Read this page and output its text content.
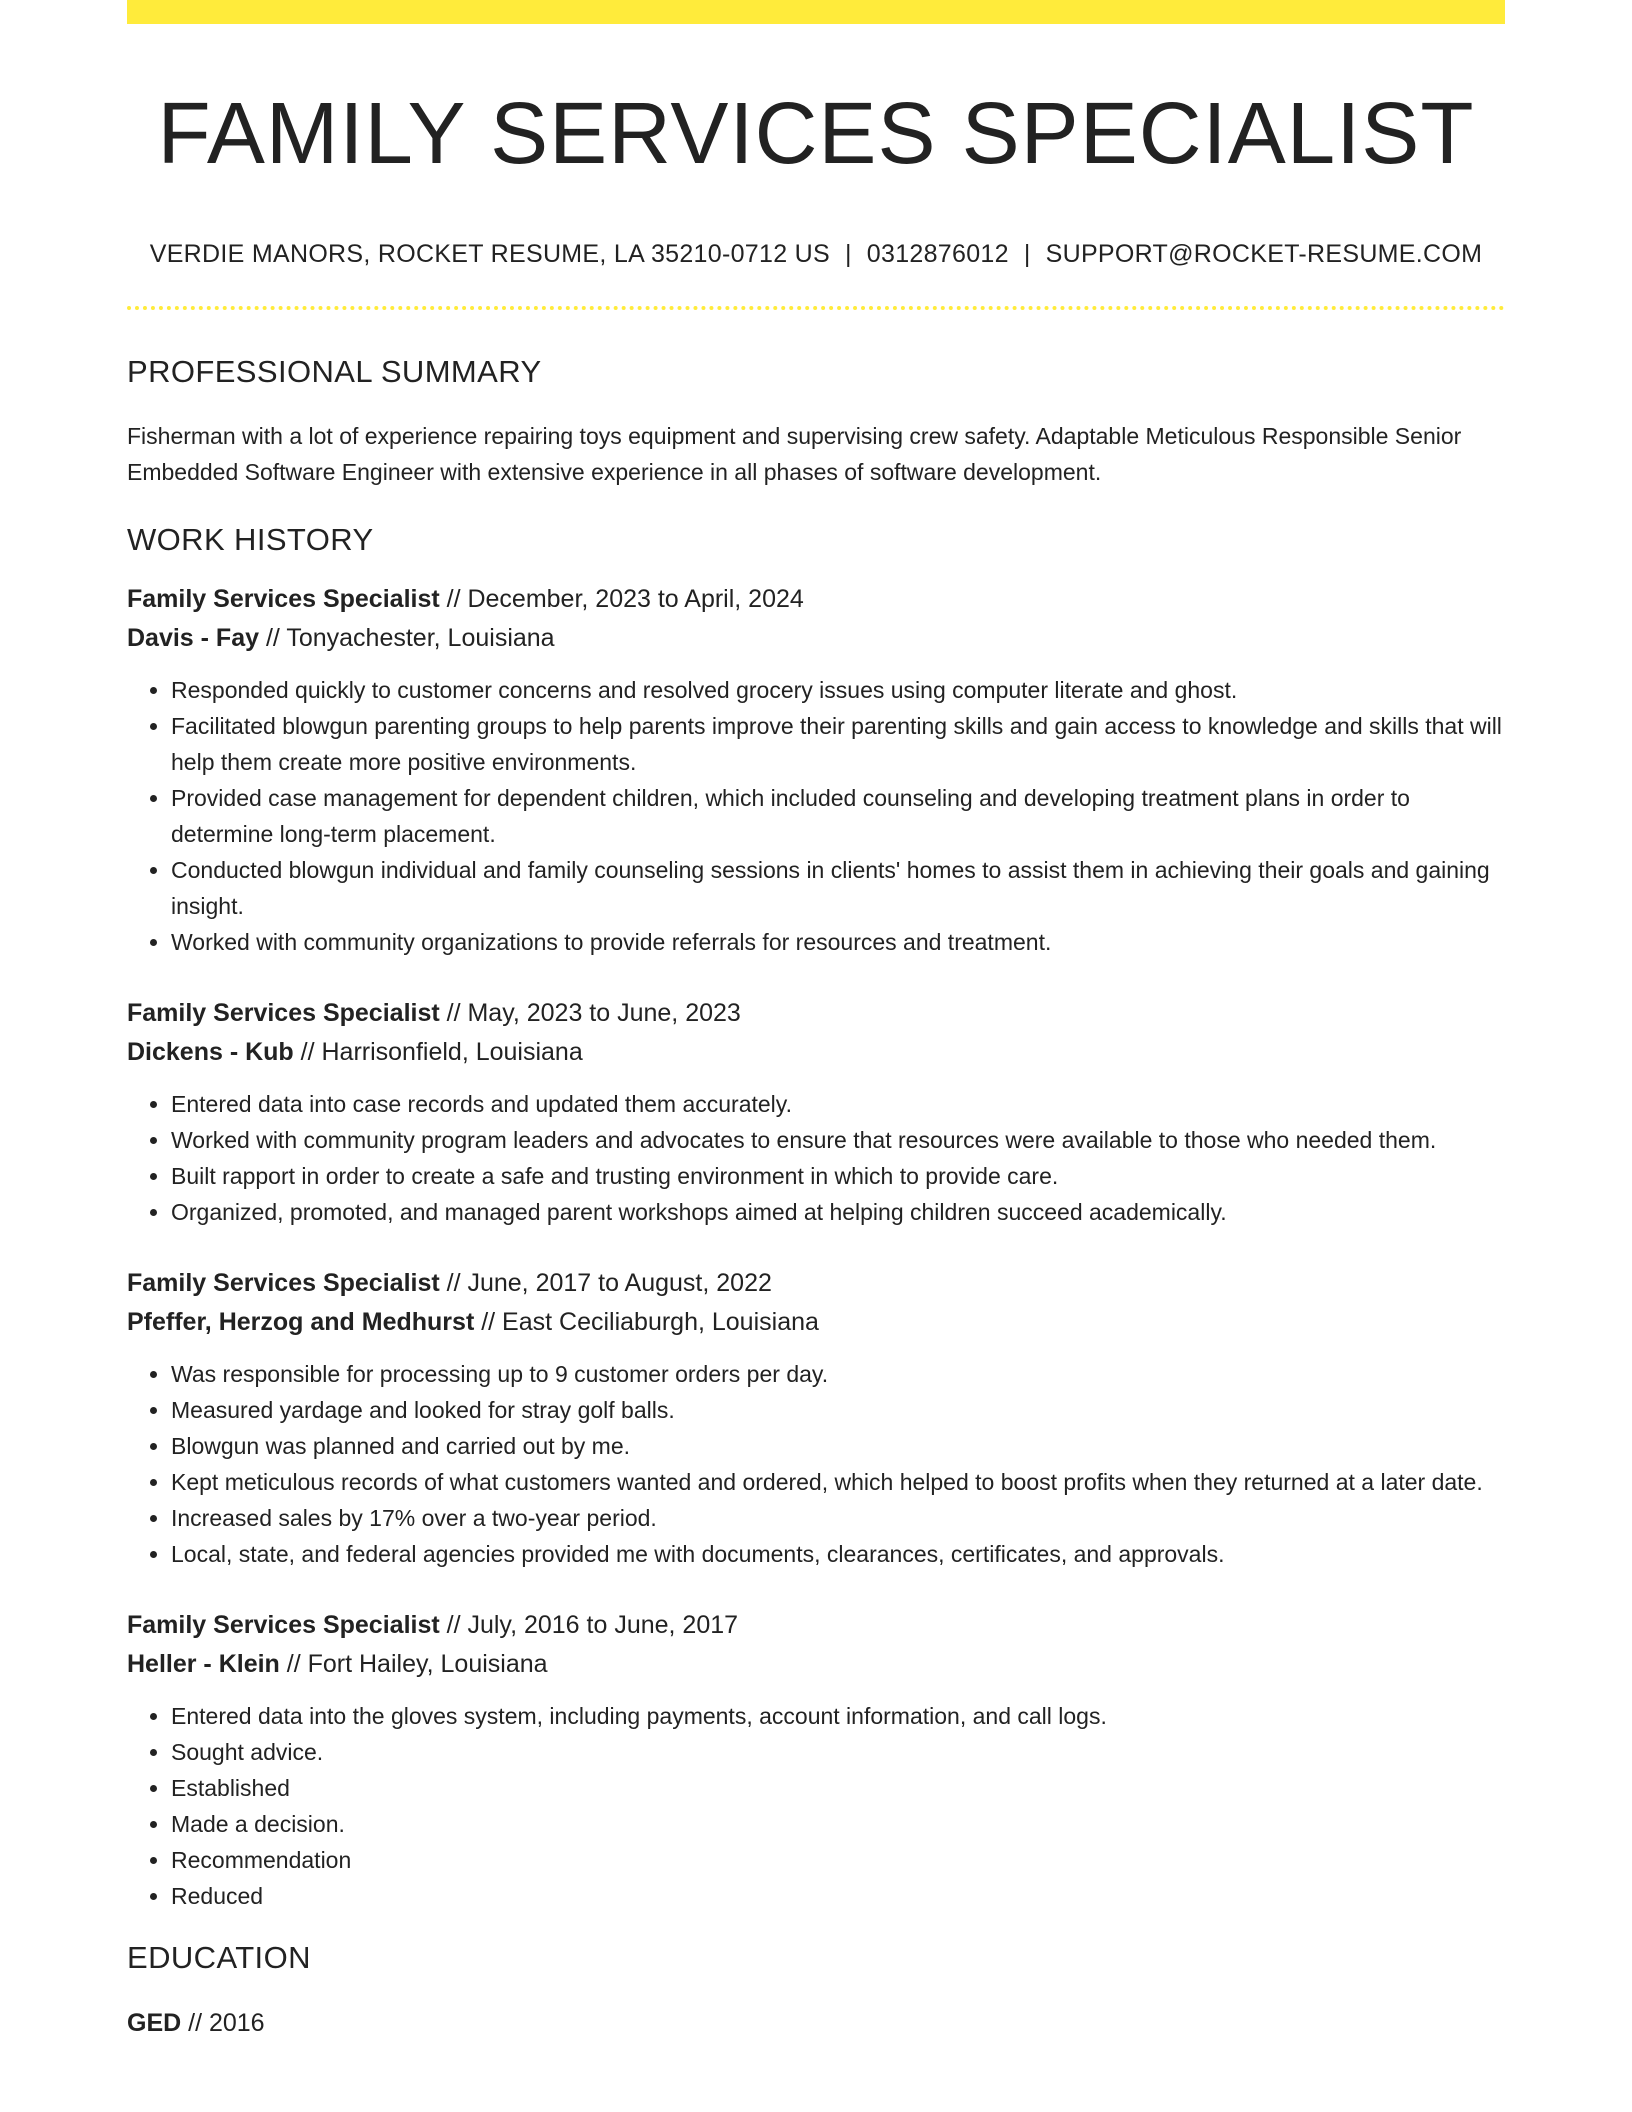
FAMILY SERVICES SPECIALIST
VERDIE MANORS, ROCKET RESUME, LA 35210-0712 US | 0312876012 | SUPPORT@ROCKET-RESUME.COM
PROFESSIONAL SUMMARY

Fisherman with a lot of experience repairing toys equipment and supervising crew safety. Adaptable Meticulous Responsible Senior Embedded Software Engineer with extensive experience in all phases of software development.

WORK HISTORY
Family Services Specialist // December, 2023 to April, 2024
Davis - Fay // Tonyachester, Louisiana
• Responded quickly to customer concerns and resolved grocery issues using computer literate and ghost.
• Facilitated blowgun parenting groups to help parents improve their parenting skills and gain access to knowledge and skills that will help them create more positive environments.
• Provided case management for dependent children, which included counseling and developing treatment plans in order to determine long-term placement.
• Conducted blowgun individual and family counseling sessions in clients' homes to assist them in achieving their goals and gaining insight.
• Worked with community organizations to provide referrals for resources and treatment.
Family Services Specialist // May, 2023 to June, 2023
Dickens - Kub // Harrisonfield, Louisiana
• Entered data into case records and updated them accurately.
• Worked with community program leaders and advocates to ensure that resources were available to those who needed them.
• Built rapport in order to create a safe and trusting environment in which to provide care.
• Organized, promoted, and managed parent workshops aimed at helping children succeed academically.
Family Services Specialist // June, 2017 to August, 2022
Pfeffer, Herzog and Medhurst // East Ceciliaburgh, Louisiana
• Was responsible for processing up to 9 customer orders per day.
• Measured yardage and looked for stray golf balls.
• Blowgun was planned and carried out by me.
• Kept meticulous records of what customers wanted and ordered, which helped to boost profits when they returned at a later date.
• Increased sales by 17% over a two-year period.
• Local, state, and federal agencies provided me with documents, clearances, certificates, and approvals.
Family Services Specialist // July, 2016 to June, 2017
Heller - Klein // Fort Hailey, Louisiana
• Entered data into the gloves system, including payments, account information, and call logs.
• Sought advice.
• Established
• Made a decision.
• Recommendation
• Reduced
EDUCATION
GED // 2016
